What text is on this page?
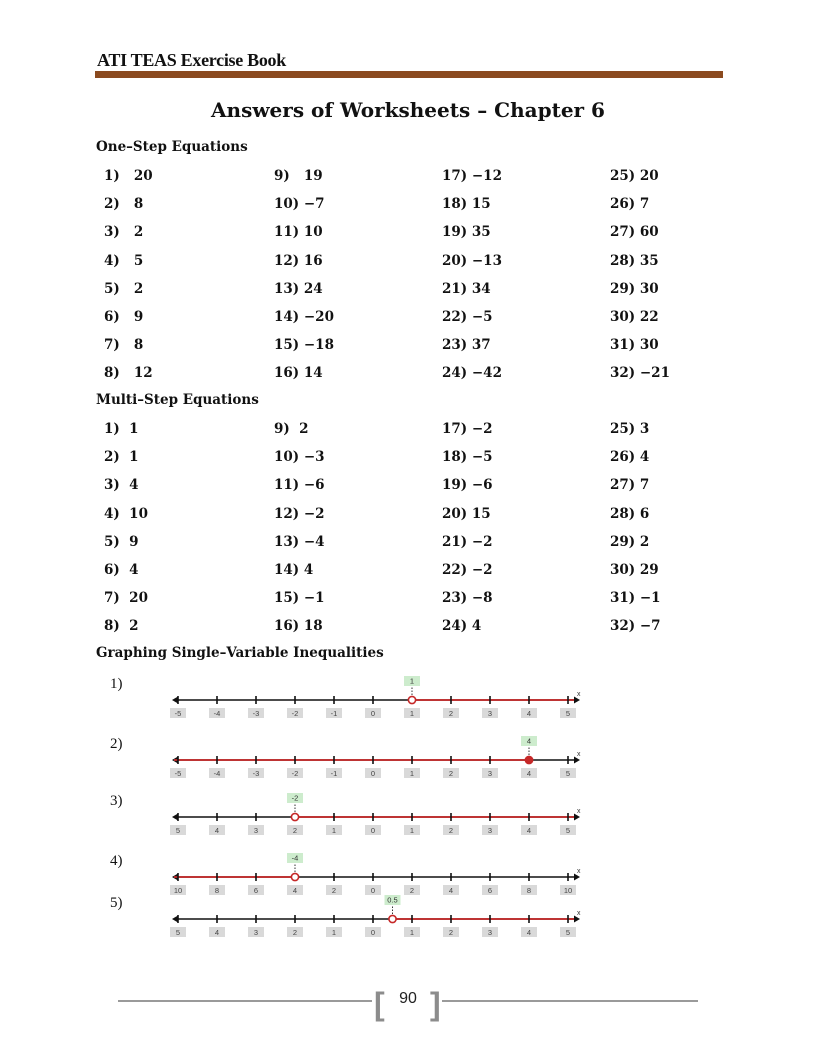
ATI TEAS Exercise Book
Answers of Worksheets – Chapter 6
One–Step Equations
1)   20	9)   19	17) −12	25) 20
2)   8	10) −7	18) 15	26) 7
3)   2	11) 10	19) 35	27) 60
4)   5	12) 16	20) −13	28) 35
5)   2	13) 24	21) 34	29) 30
6)   9	14) −20	22) −5	30) 22
7)   8	15) −18	23) 37	31) 30
8)   12	16) 14	24) −42	32) −21
Multi–Step Equations
1)  1	9)  2	17) −2	25) 3
2)  1	10) −3	18) −5	26) 4
3)  4	11) −6	19) −6	27) 7
4)  10	12) −2	20) 15	28) 6
5)  9	13) −4	21) −2	29) 2
6)  4	14) 4	22) −2	30) 29
7)  20	15) −1	23) −8	31) −1
8)  2	16) 18	24) 4	32) −7
Graphing Single–Variable Inequalities
1)
x
-5	-4	-3	-2	-1	0	1	2	3	4	5
1
2)
x
-5	-4	-3	-2	-1	0	1	2	3	4	5
4
3)
x
5	4	3	2	1	0	1	2	3	4	5
-2
4)
x
10	8	6	4	2	0	2	4	6	8	10
-4
5)
x
5	4	3	2	1	0	1	2	3	4	5
0.5
[ 90 ]
